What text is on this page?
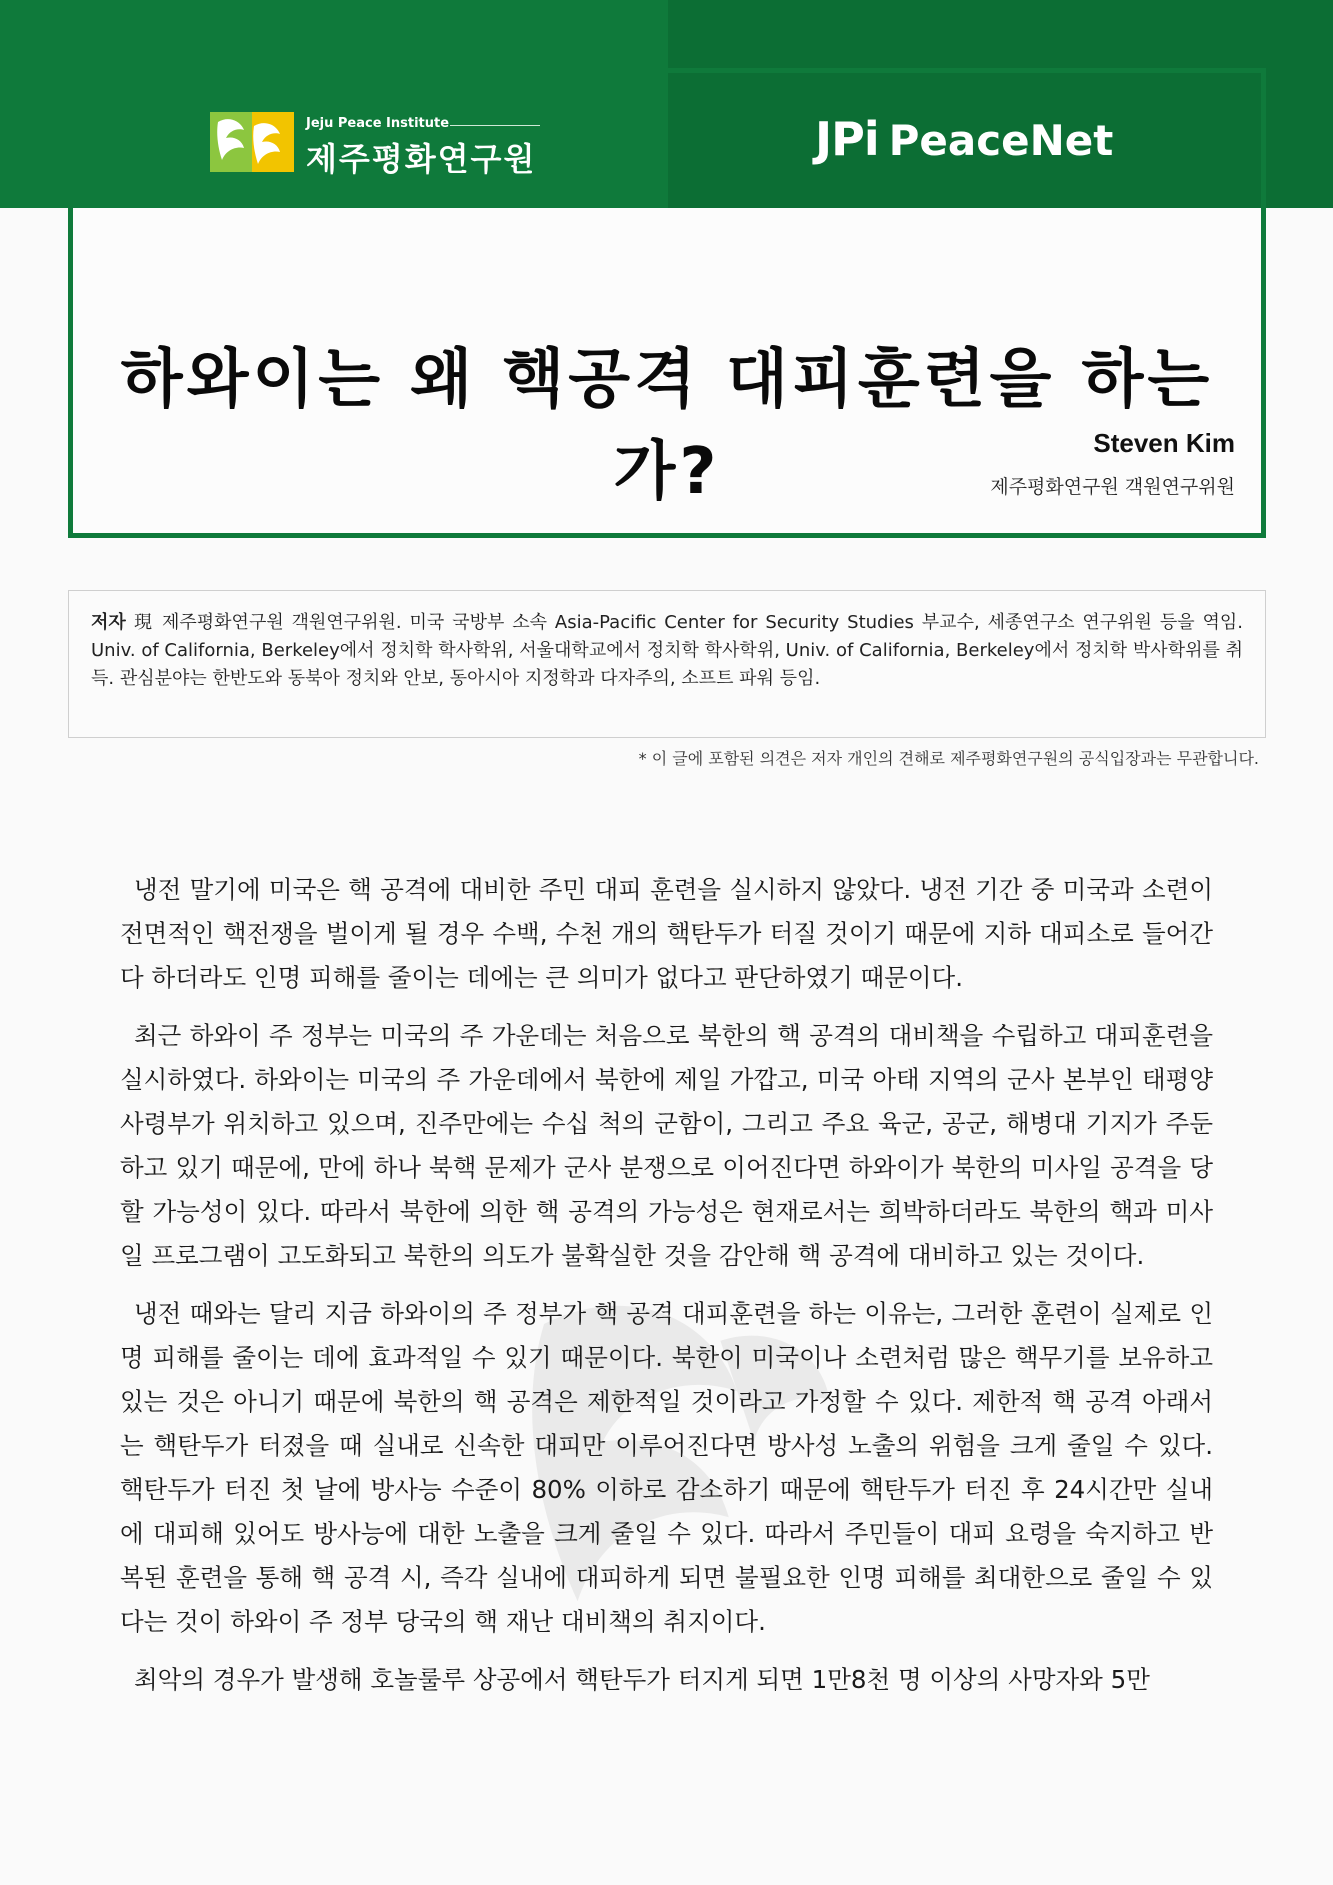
Jeju Peace Institute
제주평화연구원	JPi PeaceNet
하와이는 왜 핵공격 대피훈련을 하는가?	Steven Kim
제주평화연구원 객원연구위원
저자 現 제주평화연구원 객원연구위원. 미국 국방부 소속 Asia-Pacific Center for Security Studies 부교수, 세종연구소 연구위원 등을 역임. Univ. of California, Berkeley에서 정치학 학사학위, 서울대학교에서 정치학 학사학위, Univ. of California, Berkeley에서 정치학 박사학위를 취득. 관심분야는 한반도와 동북아 정치와 안보, 동아시아 지정학과 다자주의, 소프트 파워 등임.
* 이 글에 포함된 의견은 저자 개인의 견해로 제주평화연구원의 공식입장과는 무관합니다.

냉전 말기에 미국은 핵 공격에 대비한 주민 대피 훈련을 실시하지 않았다. 냉전 기간 중 미국과 소련이 전면적인 핵전쟁을 벌이게 될 경우 수백, 수천 개의 핵탄두가 터질 것이기 때문에 지하 대피소로 들어간다 하더라도 인명 피해를 줄이는 데에는 큰 의미가 없다고 판단하였기 때문이다.

최근 하와이 주 정부는 미국의 주 가운데는 처음으로 북한의 핵 공격의 대비책을 수립하고 대피훈련을 실시하였다. 하와이는 미국의 주 가운데에서 북한에 제일 가깝고, 미국 아태 지역의 군사 본부인 태평양 사령부가 위치하고 있으며, 진주만에는 수십 척의 군함이, 그리고 주요 육군, 공군, 해병대 기지가 주둔하고 있기 때문에, 만에 하나 북핵 문제가 군사 분쟁으로 이어진다면 하와이가 북한의 미사일 공격을 당할 가능성이 있다. 따라서 북한에 의한 핵 공격의 가능성은 현재로서는 희박하더라도 북한의 핵과 미사일 프로그램이 고도화되고 북한의 의도가 불확실한 것을 감안해 핵 공격에 대비하고 있는 것이다.

냉전 때와는 달리 지금 하와이의 주 정부가 핵 공격 대피훈련을 하는 이유는, 그러한 훈련이 실제로 인명 피해를 줄이는 데에 효과적일 수 있기 때문이다. 북한이 미국이나 소련처럼 많은 핵무기를 보유하고 있는 것은 아니기 때문에 북한의 핵 공격은 제한적일 것이라고 가정할 수 있다. 제한적 핵 공격 아래서는 핵탄두가 터졌을 때 실내로 신속한 대피만 이루어진다면 방사성 노출의 위험을 크게 줄일 수 있다. 핵탄두가 터진 첫 날에 방사능 수준이 80% 이하로 감소하기 때문에 핵탄두가 터진 후 24시간만 실내에 대피해 있어도 방사능에 대한 노출을 크게 줄일 수 있다. 따라서 주민들이 대피 요령을 숙지하고 반복된 훈련을 통해 핵 공격 시, 즉각 실내에 대피하게 되면 불필요한 인명 피해를 최대한으로 줄일 수 있다는 것이 하와이 주 정부 당국의 핵 재난 대비책의 취지이다.

최악의 경우가 발생해 호놀룰루 상공에서 핵탄두가 터지게 되면 1만8천 명 이상의 사망자와 5만
